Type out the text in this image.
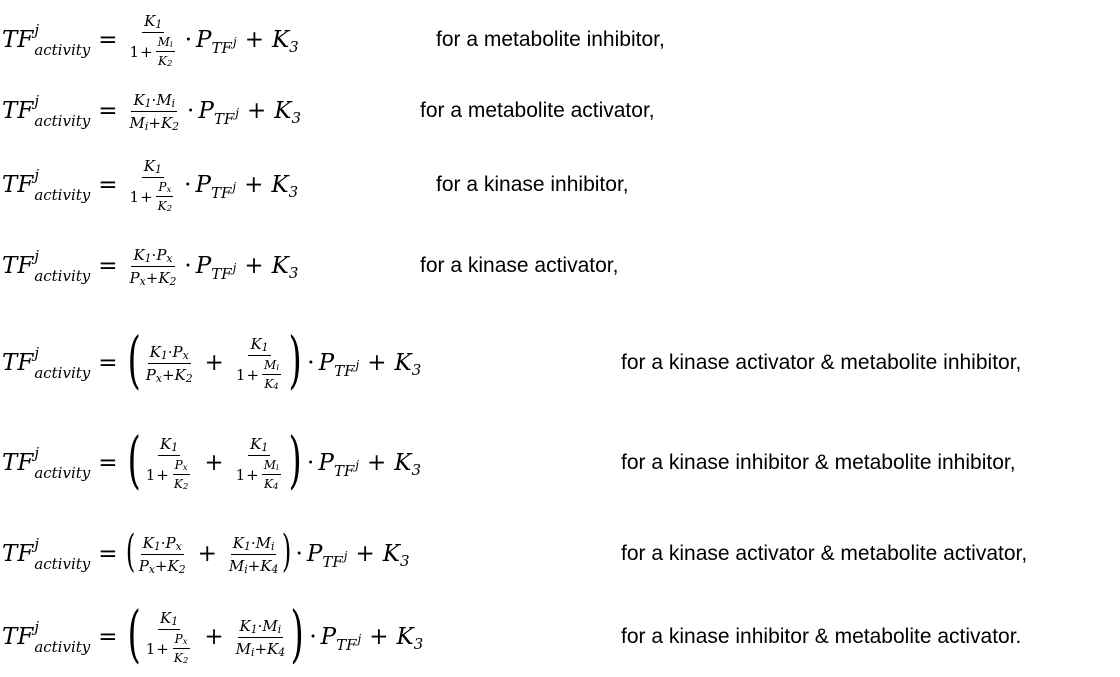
TF j
activity = $\frac{K 1}{1 + \frac{\text{M i}}{K 2}} \cdot P$ $TF^j + K$ 3	for a metabolite inhibitor,
TF j
activity = $\frac{\text{K 1 · M i}}{\text{M i + K 2}} \cdot P$ $TF^j + K$ 3	for a metabolite activator,
TF j
activity = $\frac{K 1}{1 + \frac{\text{P x}}{K 2}} \cdot P$ $TF^j + K$ 3	for a kinase inhibitor,
TF j
activity = $\frac{\text{K 1 · P x}}{\text{P x + K 2}} \cdot P$ $TF^j + K$ 3	for a kinase activator,
TF j
activity = ( $\frac{\text{K 1 · P x}}{\text{P x + K 2}} + \frac{K 1}{1 + \frac{\text{M i}}{K 4}}$ ) · P $TF^j + K$ 3	for a kinase activator & metabolite inhibitor,
TF j
activity = ( $\frac{K 1}{1 + \frac{\text{P x}}{K 2}} + \frac{K 1}{1 + \frac{\text{M i}}{K 4}}$ ) · P $TF^j + K$ 3	for a kinase inhibitor & metabolite inhibitor,
TF j
activity = ( $\frac{\text{K 1 · P x}}{\text{P x + K 2}} + \frac{\text{K 1 · M i}}{\text{M i + K 4}}$ ) · P $TF^j + K$ 3	for a kinase activator & metabolite activator,
TF j
activity = ( $\frac{K 1}{1 + \frac{\text{P x}}{K 2}} + \frac{\text{K 1 · M i}}{\text{M i + K 4}}$ ) · P $TF^j + K$ 3	for a kinase inhibitor & metabolite activator.
